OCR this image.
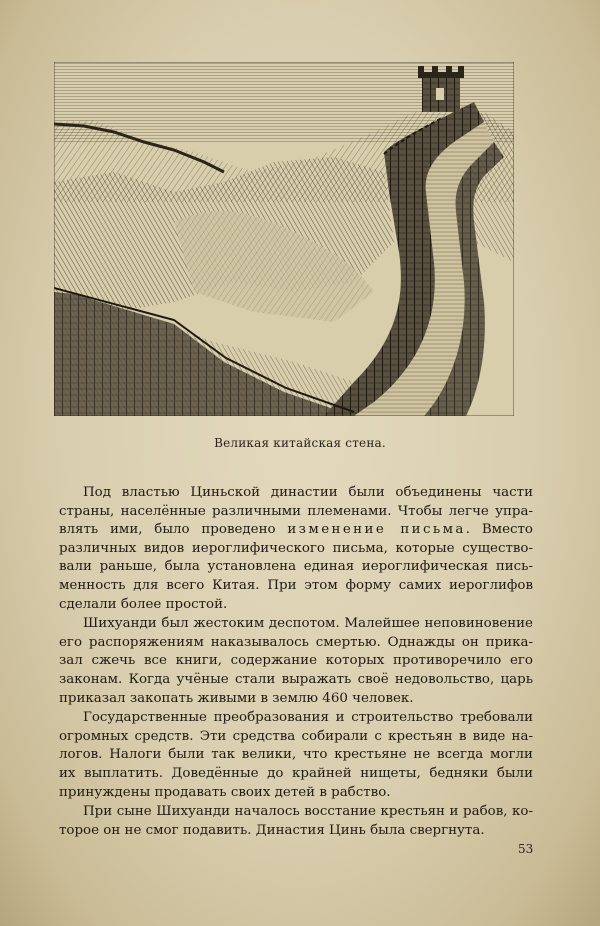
Великая китайская стена.

Под властью Циньской династии были объединены части
страны, населённые различными племенами. Чтобы легче упра-
влять ими, было проведено изменение письма. Вместо
различных видов иероглифического письма, которые существо-
вали раньше, была установлена единая иероглифическая пись-
менность для всего Китая. При этом форму самих иероглифов
сделали более простой.

Шихуанди был жестоким деспотом. Малейшее неповиновение
его распоряжениям наказывалось смертью. Однажды он прика-
зал сжечь все книги, содержание которых противоречило его
законам. Когда учёные стали выражать своё недовольство, царь
приказал закопать живыми в землю 460 человек.

Государственные преобразования и строительство требовали
огромных средств. Эти средства собирали с крестьян в виде на-
логов. Налоги были так велики, что крестьяне не всегда могли
их выплатить. Доведённые до крайней нищеты, бедняки были
принуждены продавать своих детей в рабство.

При сыне Шихуанди началось восстание крестьян и рабов, ко-
торое он не смог подавить. Династия Цинь была свергнута.

53
